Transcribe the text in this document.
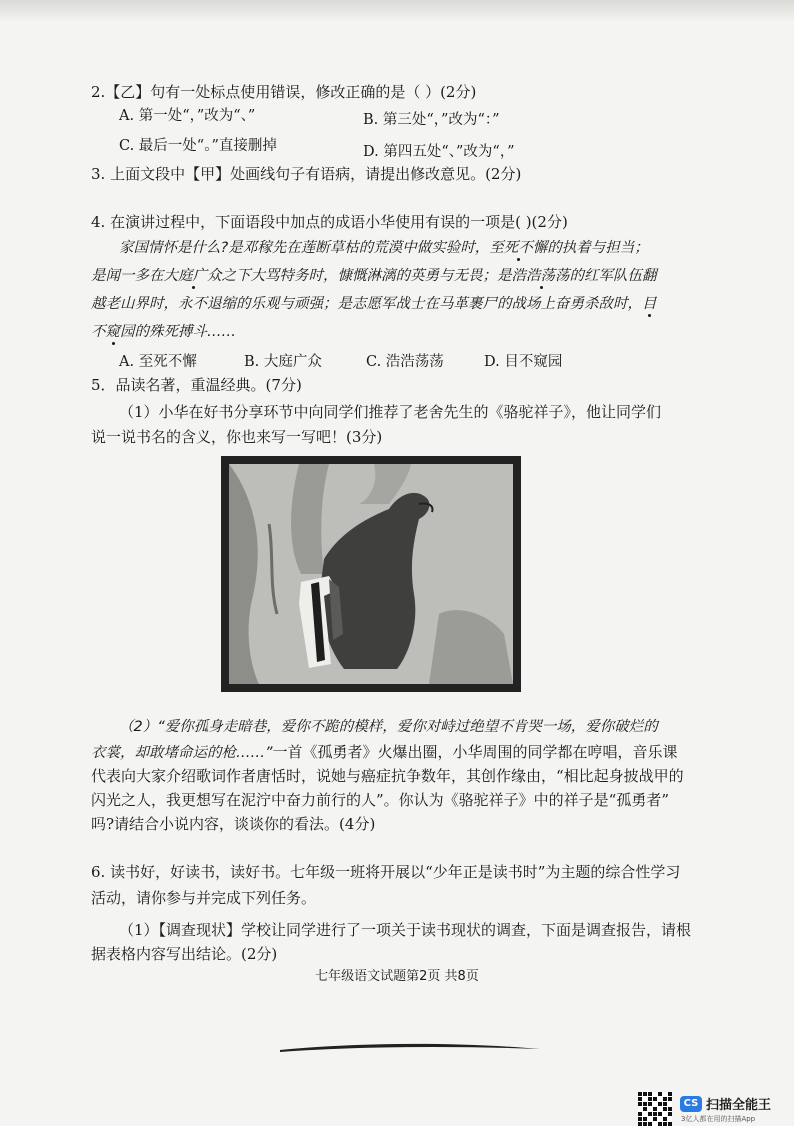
2.【乙】句有一处标点使用错误，修改正确的是（ ）(2分)
A. 第一处“，”改为“、”	B. 第三处“，”改为“：”
C. 最后一处“。”直接删掉	D. 第四五处“、”改为“，”
3. 上面文段中【甲】处画线句子有语病，请提出修改意见。(2分)
4. 在演讲过程中，下面语段中加点的成语小华使用有误的一项是( )(2分)
家国情怀是什么?是邓稼先在莲断草枯的荒漠中做实验时，至死不懈的执着与担当；
是闻一多在大庭广众之下大骂特务时，慷慨淋漓的英勇与无畏；是浩浩荡荡的红军队伍翻
越老山界时，永不退缩的乐观与顽强；是志愿军战士在马革裹尸的战场上奋勇杀敌时，目
不窥园的殊死搏斗……
A. 至死不懈	B. 大庭广众	C. 浩浩荡荡	D. 目不窥园
5．品读名著，重温经典。(7分)
（1）小华在好书分享环节中向同学们推荐了老舍先生的《骆驼祥子》，他让同学们
说一说书名的含义，你也来写一写吧！(3分)
（2）“爱你孤身走暗巷，爱你不跪的模样，爱你对峙过绝望不肯哭一场，爱你破烂的
衣裳，却敢堵命运的枪……”一首《孤勇者》火爆出圈，小华周围的同学都在哼唱，音乐课
代表向大家介绍歌词作者唐恬时，说她与癌症抗争数年，其创作缘由，“相比起身披战甲的
闪光之人，我更想写在泥泞中奋力前行的人”。你认为《骆驼祥子》中的祥子是“孤勇者”
吗?请结合小说内容，谈谈你的看法。(4分)
6. 读书好，好读书，读好书。七年级一班将开展以“少年正是读书时”为主题的综合性学习
活动，请你参与并完成下列任务。
（1）【调查现状】学校让同学进行了一项关于读书现状的调查，下面是调查报告，请根
据表格内容写出结论。(2分)
七年级语文试题第2页 共8页
CS 扫描全能王
3亿人都在用的扫描App
